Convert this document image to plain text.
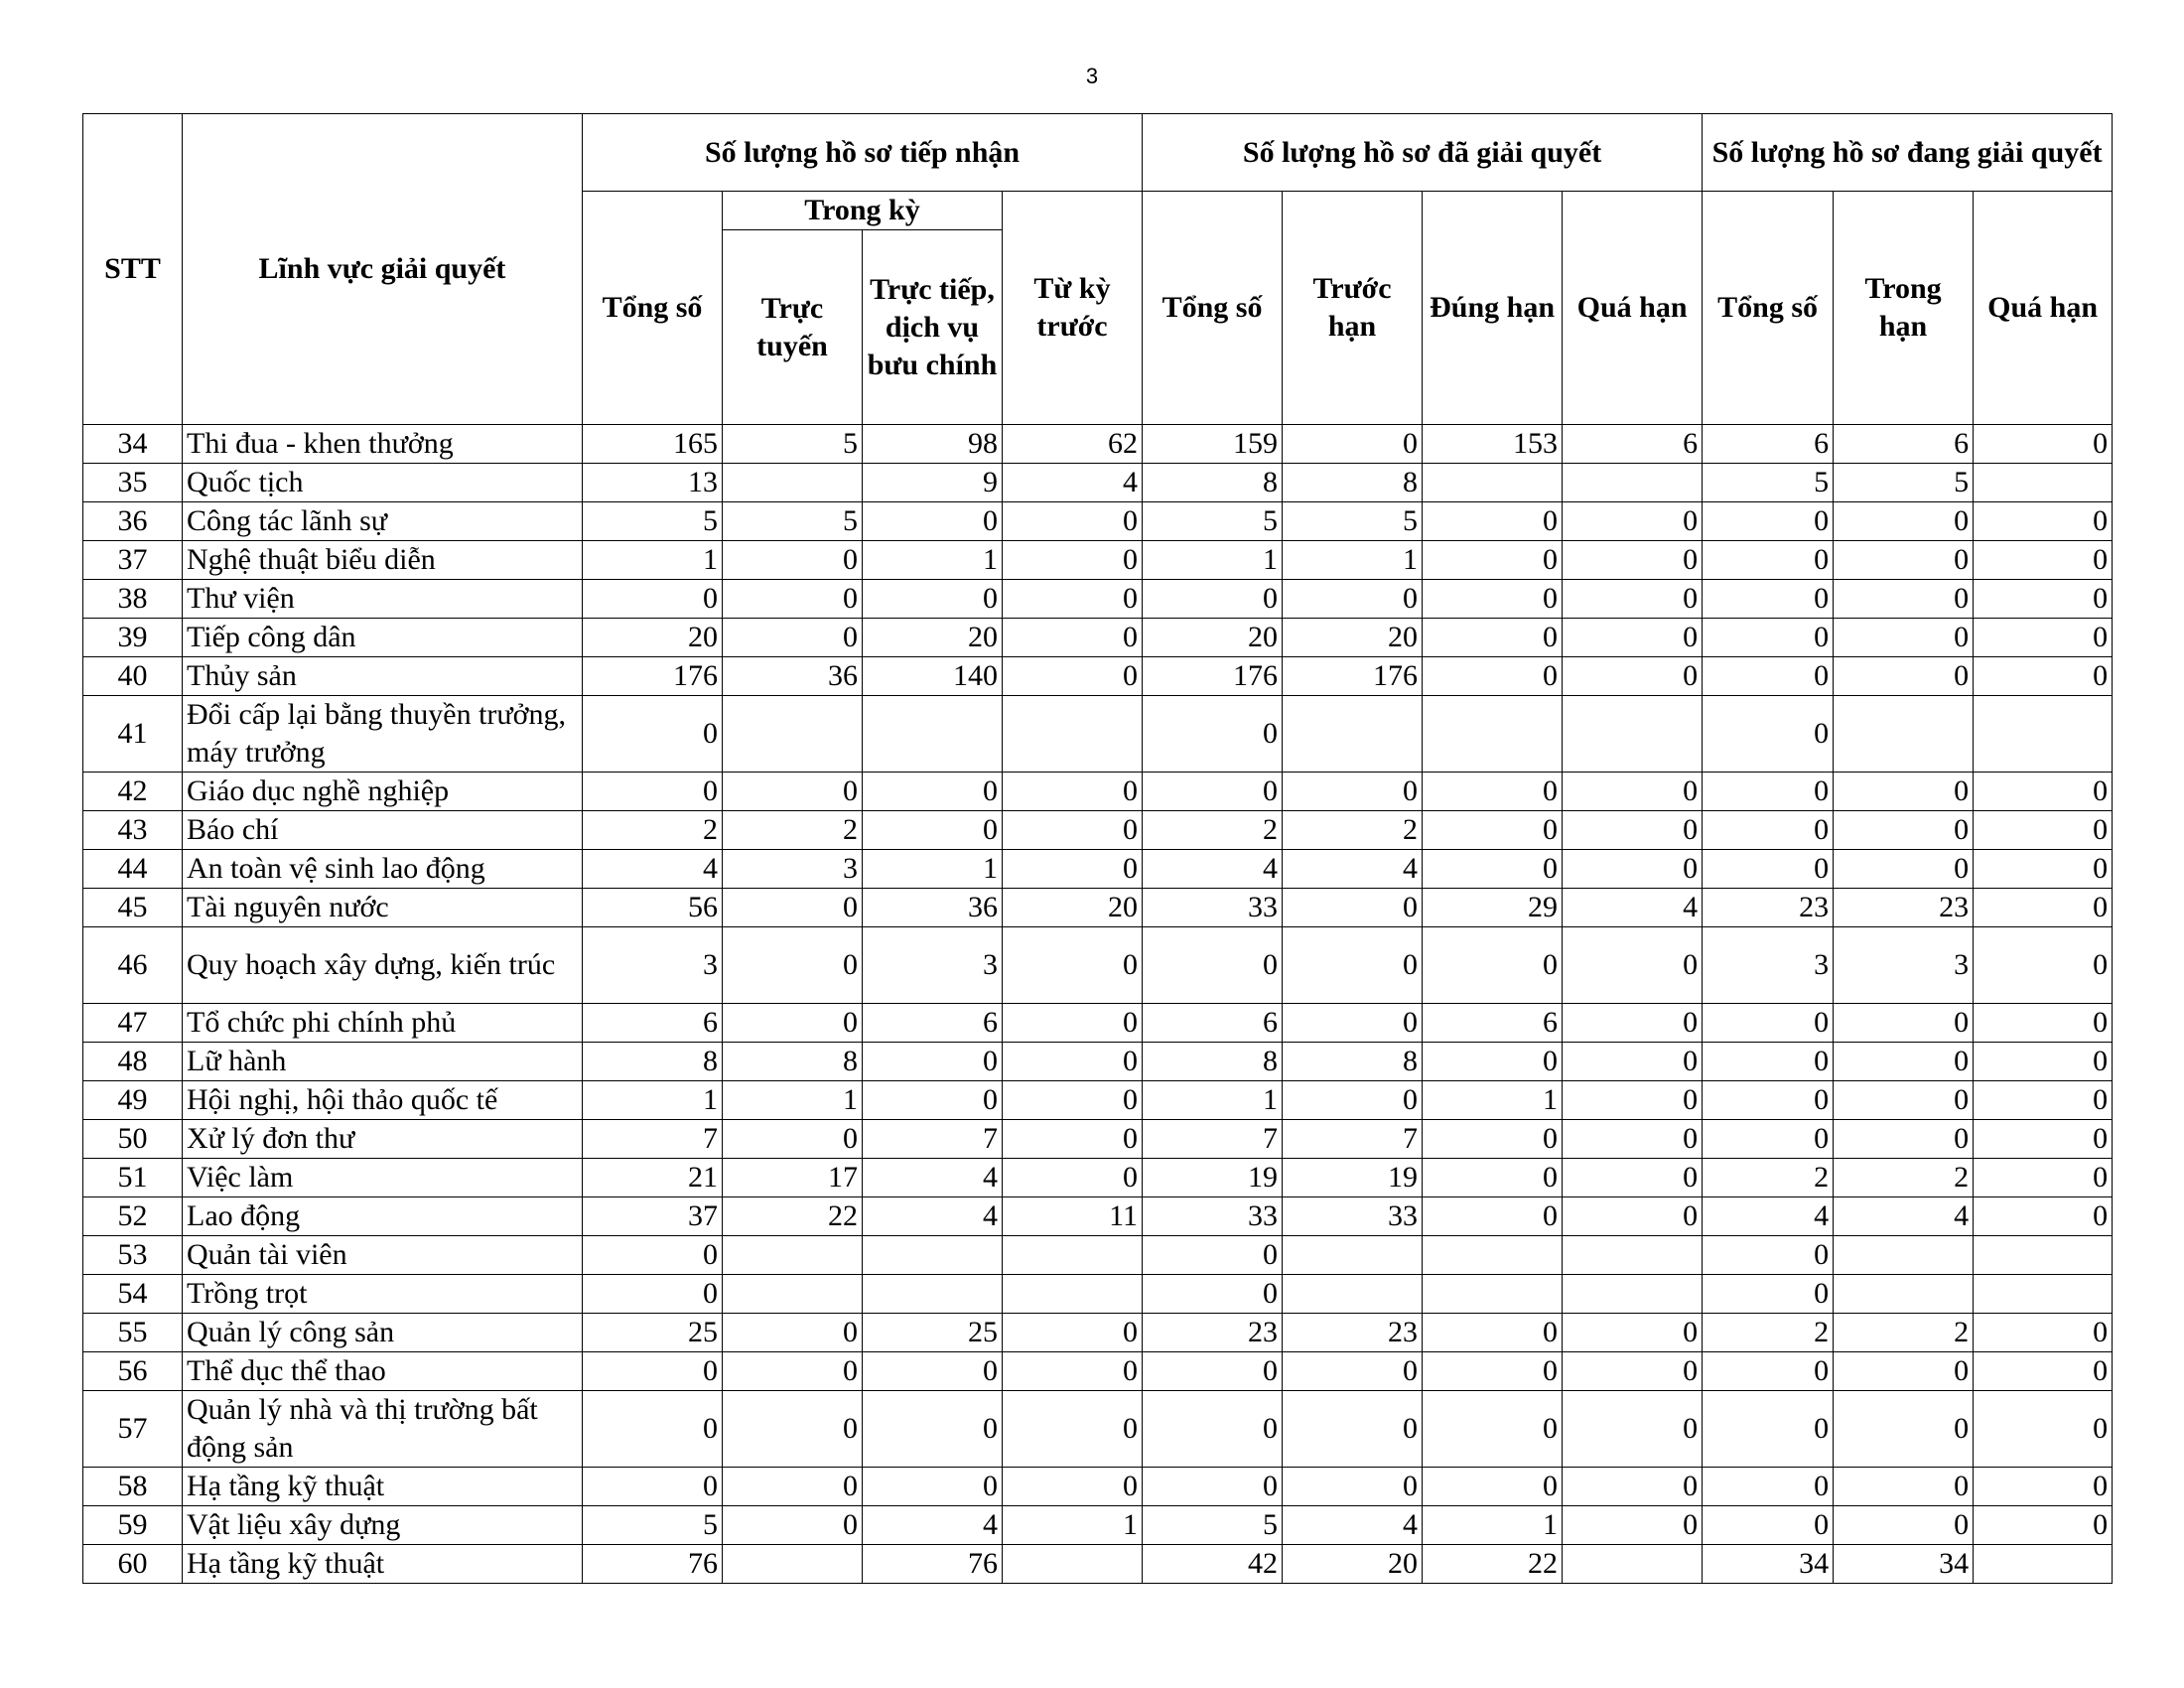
3
STT	Lĩnh vực giải quyết	Số lượng hồ sơ tiếp nhận				Số lượng hồ sơ đã giải quyết				Số lượng hồ sơ đang giải quyết		
		Tổng số	Trong kỳ		Từ kỳ trước	Tổng số	Trước hạn	Đúng hạn	Quá hạn	Tổng số	Trong hạn	Quá hạn
			Trực tuyến	Trực tiếp, dịch vụ bưu chính								
34	Thi đua - khen thưởng	165	5	98	62	159	0	153	6	6	6	0
35	Quốc tịch	13		9	4	8	8			5	5	
36	Công tác lãnh sự	5	5	0	0	5	5	0	0	0	0	0
37	Nghệ thuật biểu diễn	1	0	1	0	1	1	0	0	0	0	0
38	Thư viện	0	0	0	0	0	0	0	0	0	0	0
39	Tiếp công dân	20	0	20	0	20	20	0	0	0	0	0
40	Thủy sản	176	36	140	0	176	176	0	0	0	0	0
41	Đổi cấp lại bằng thuyền trưởng, máy trưởng	0				0				0		
42	Giáo dục nghề nghiệp	0	0	0	0	0	0	0	0	0	0	0
43	Báo chí	2	2	0	0	2	2	0	0	0	0	0
44	An toàn vệ sinh lao động	4	3	1	0	4	4	0	0	0	0	0
45	Tài nguyên nước	56	0	36	20	33	0	29	4	23	23	0
46	Quy hoạch xây dựng, kiến trúc	3	0	3	0	0	0	0	0	3	3	0
47	Tổ chức phi chính phủ	6	0	6	0	6	0	6	0	0	0	0
48	Lữ hành	8	8	0	0	8	8	0	0	0	0	0
49	Hội nghị, hội thảo quốc tế	1	1	0	0	1	0	1	0	0	0	0
50	Xử lý đơn thư	7	0	7	0	7	7	0	0	0	0	0
51	Việc làm	21	17	4	0	19	19	0	0	2	2	0
52	Lao động	37	22	4	11	33	33	0	0	4	4	0
53	Quản tài viên	0				0				0		
54	Trồng trọt	0				0				0		
55	Quản lý công sản	25	0	25	0	23	23	0	0	2	2	0
56	Thể dục thể thao	0	0	0	0	0	0	0	0	0	0	0
57	Quản lý nhà và thị trường bất động sản	0	0	0	0	0	0	0	0	0	0	0
58	Hạ tầng kỹ thuật	0	0	0	0	0	0	0	0	0	0	0
59	Vật liệu xây dựng	5	0	4	1	5	4	1	0	0	0	0
60	Hạ tầng kỹ thuật	76		76		42	20	22		34	34	
